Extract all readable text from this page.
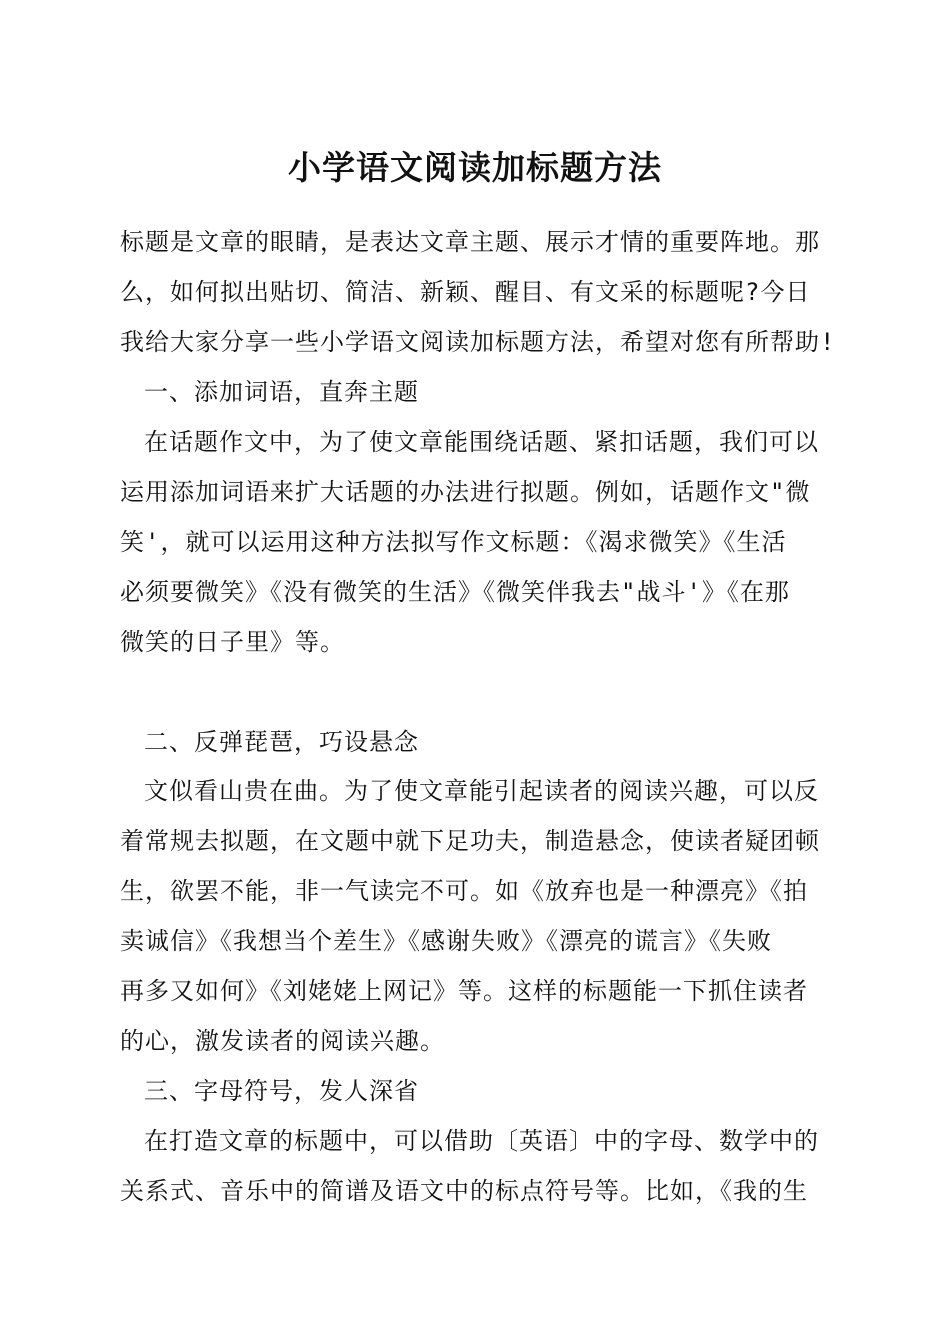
小学语文阅读加标题方法
标题是文章的眼睛，是表达文章主题、展示才情的重要阵地。那
么，如何拟出贴切、简洁、新颖、醒目、有文采的标题呢?今日
我给大家分享一些小学语文阅读加标题方法，希望对您有所帮助!
一、添加词语，直奔主题
在话题作文中，为了使文章能围绕话题、紧扣话题，我们可以
运用添加词语来扩大话题的办法进行拟题。例如，话题作文"微
笑'，就可以运用这种方法拟写作文标题：《渴求微笑》《生活
必须要微笑》《没有微笑的生活》《微笑伴我去"战斗'》《在那
微笑的日子里》等。
二、反弹琵琶，巧设悬念
文似看山贵在曲。为了使文章能引起读者的阅读兴趣，可以反
着常规去拟题，在文题中就下足功夫，制造悬念，使读者疑团顿
生，欲罢不能，非一气读完不可。如《放弃也是一种漂亮》《拍
卖诚信》《我想当个差生》《感谢失败》《漂亮的谎言》《失败
再多又如何》《刘姥姥上网记》等。这样的标题能一下抓住读者
的心，激发读者的阅读兴趣。
三、字母符号，发人深省
在打造文章的标题中，可以借助〔英语〕中的字母、数学中的
关系式、音乐中的简谱及语文中的标点符号等。比如，《我的生
